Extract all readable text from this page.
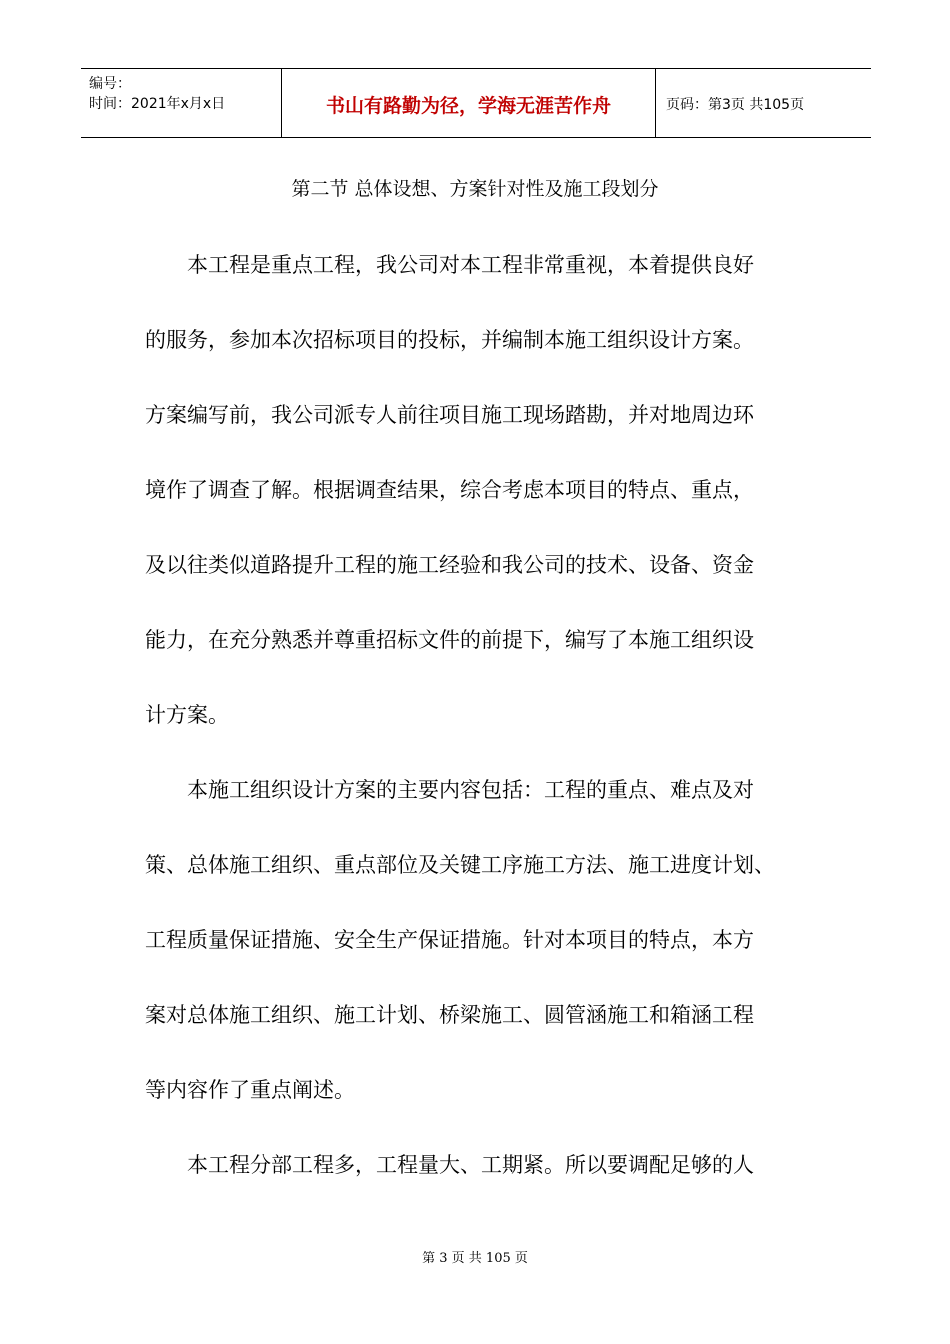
编号：
时间：2021年x月x日	书山有路勤为径，学海无涯苦作舟	页码：第3页 共105页
第二节 总体设想、方案针对性及施工段划分
本工程是重点工程，我公司对本工程非常重视，本着提供良好
的服务，参加本次招标项目的投标，并编制本施工组织设计方案。
方案编写前，我公司派专人前往项目施工现场踏勘，并对地周边环
境作了调查了解。根据调查结果，综合考虑本项目的特点、重点，
及以往类似道路提升工程的施工经验和我公司的技术、设备、资金
能力，在充分熟悉并尊重招标文件的前提下，编写了本施工组织设
计方案。
本施工组织设计方案的主要内容包括：工程的重点、难点及对
策、总体施工组织、重点部位及关键工序施工方法、施工进度计划、
工程质量保证措施、安全生产保证措施。针对本项目的特点，本方
案对总体施工组织、施工计划、桥梁施工、圆管涵施工和箱涵工程
等内容作了重点阐述。
本工程分部工程多，工程量大、工期紧。所以要调配足够的人
第 3 页 共 105 页
